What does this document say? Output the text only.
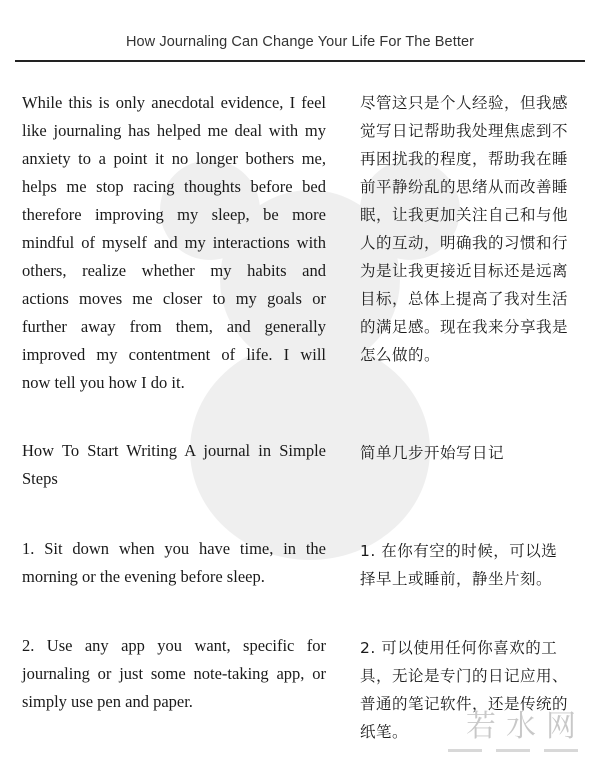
How Journaling Can Change Your Life For The Better
While this is only anecdotal evidence, I feel
like journaling has helped me deal with my
anxiety to a point it no longer bothers me,
helps me stop racing thoughts before bed
therefore improving my sleep, be more
mindful of myself and my interactions with
others, realize whether my habits and
actions moves me closer to my goals or
further away from them, and generally
improved my contentment of life. I will
now tell you how I do it.
尽管这只是个人经验，但我感
觉写日记帮助我处理焦虑到不
再困扰我的程度，帮助我在睡
前平静纷乱的思绪从而改善睡
眠，让我更加关注自己和与他
人的互动，明确我的习惯和行
为是让我更接近目标还是远离
目标，总体上提高了我对生活
的满足感。现在我来分享我是
怎么做的。
How To Start Writing A journal in Simple
Steps
简单几步开始写日记
1. Sit down when you have time, in the
morning or the evening before sleep.
1. 在你有空的时候，可以选
择早上或睡前，静坐片刻。
2. Use any app you want, specific for
journaling or just some note-taking app, or
simply use pen and paper.
2. 可以使用任何你喜欢的工
具，无论是专门的日记应用、
普通的笔记软件，还是传统的
纸笔。	若水网
